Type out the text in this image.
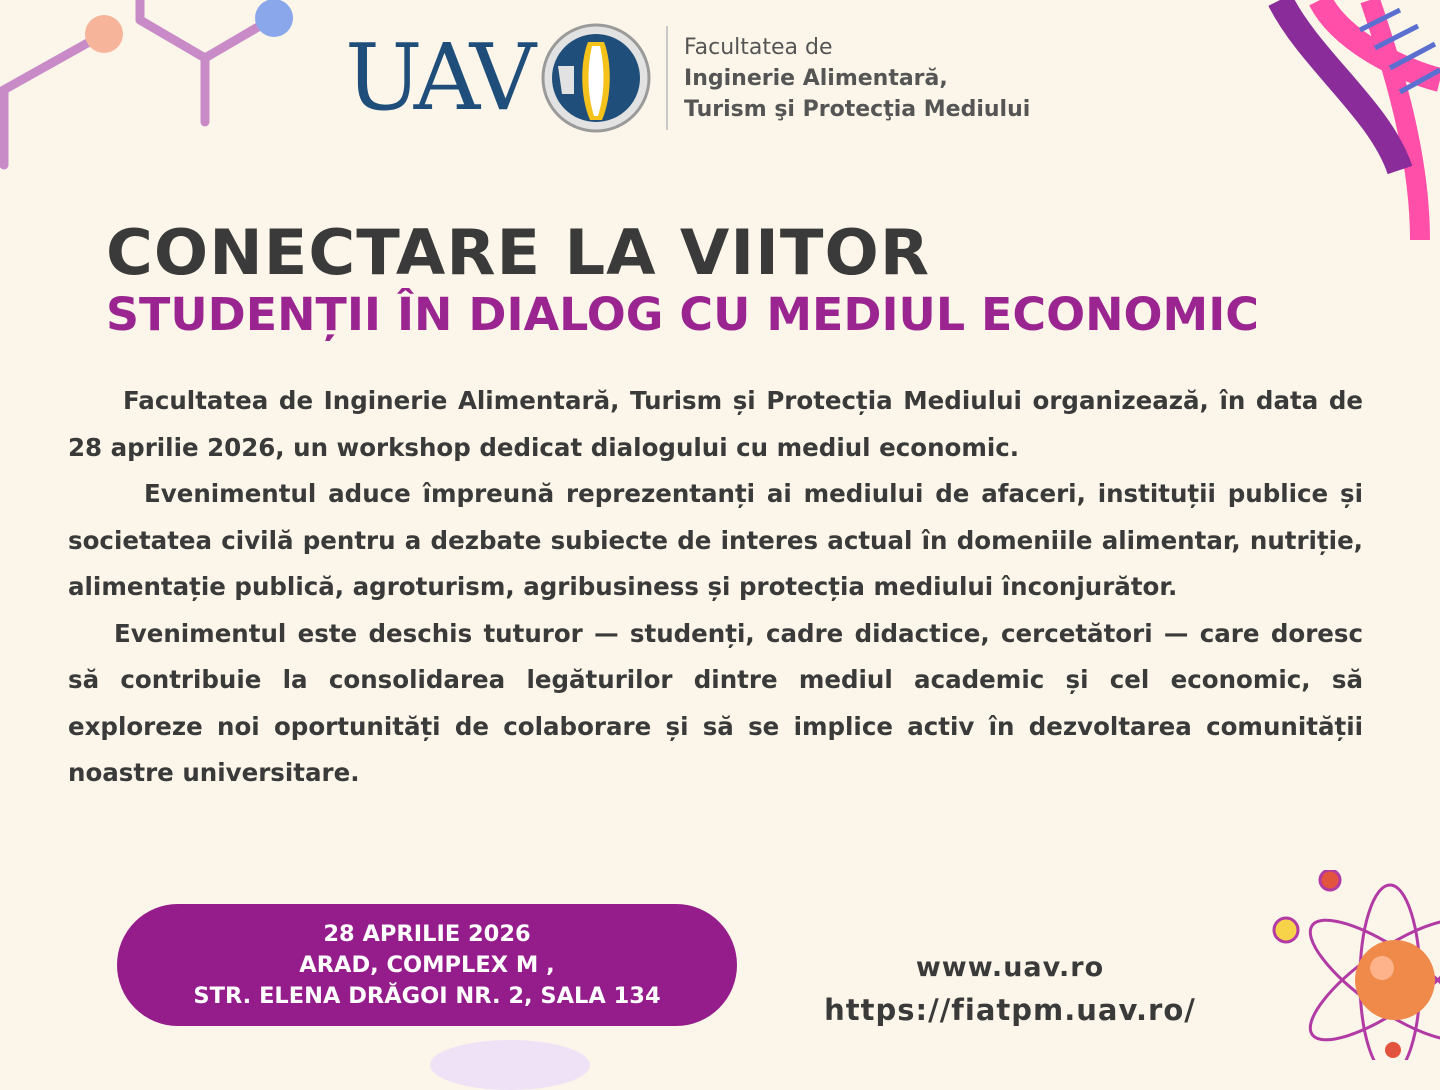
UAV	Facultatea de
Inginerie Alimentară,
Turism şi Protecţia Mediului
CONECTARE LA VIITOR
STUDENȚII ÎN DIALOG CU MEDIUL ECONOMIC

Facultatea de Inginerie Alimentară, Turism și Protecția Mediului organizează, în data de 28 aprilie 2026, un workshop dedicat dialogului cu mediul economic.

Evenimentul aduce împreună reprezentanți ai mediului de afaceri, instituții publice și societatea civilă pentru a dezbate subiecte de interes actual în domeniile alimentar, nutriție, alimentație publică, agroturism, agribusiness și protecția mediului înconjurător.

Evenimentul este deschis tuturor — studenți, cadre didactice, cercetători — care doresc să contribuie la consolidarea legăturilor dintre mediul academic și cel economic, să exploreze noi oportunități de colaborare și să se implice activ în dezvoltarea comunității noastre universitare.

28 APRILIE 2026
ARAD, COMPLEX M ,
STR. ELENA DRĂGOI NR. 2, SALA 134
www.uav.ro
https://fiatpm.uav.ro/
